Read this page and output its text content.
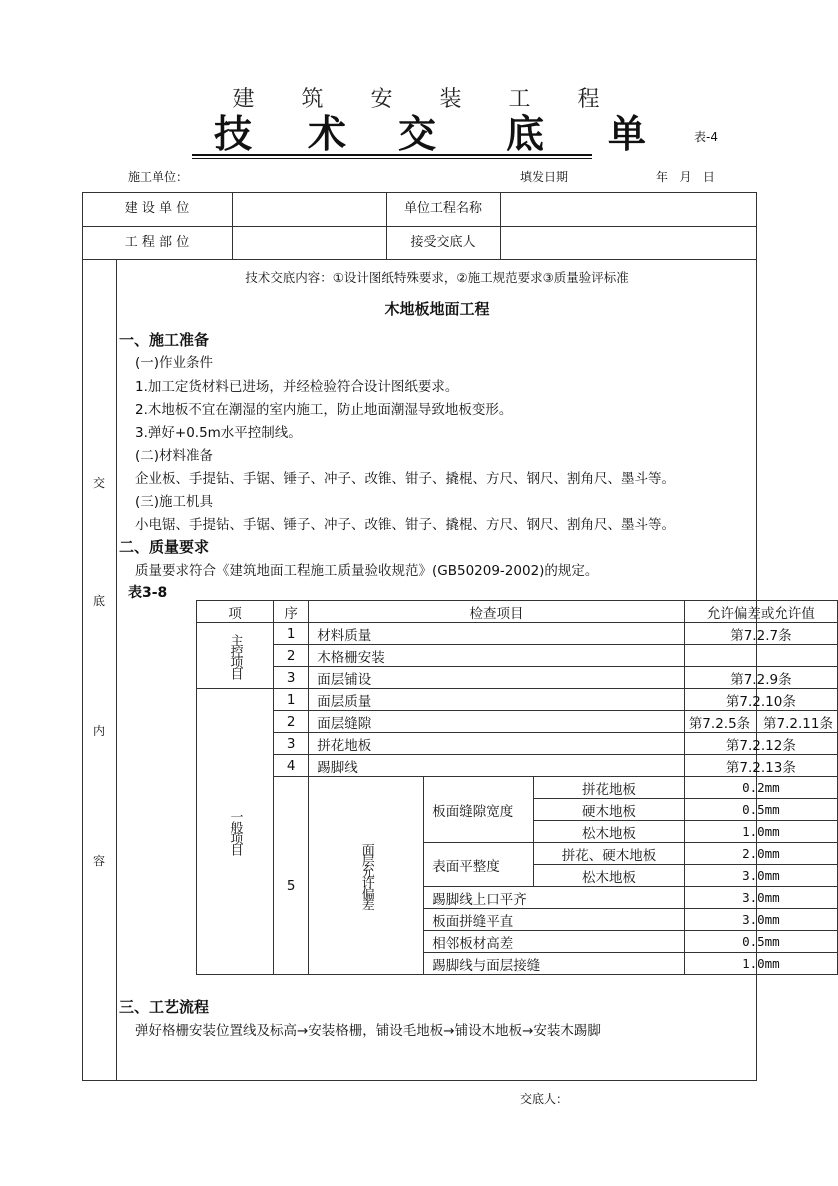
建 筑 安 装 工 程
技 术 交 底 单	表-4
施工单位：	填发日期	年   月   日
建 设 单 位	单位工程名称
工 程 部 位	接受交底人
交
底
内
容
技术交底内容：①设计图纸特殊要求，②施工规范要求③质量验评标准
木地板地面工程
一、施工准备
(一)作业条件
1.加工定货材料已进场，并经检验符合设计图纸要求。
2.木地板不宜在潮湿的室内施工，防止地面潮湿导致地板变形。
3.弹好+0.5m水平控制线。
(二)材料准备
企业板、手提钻、手锯、锤子、冲子、改锥、钳子、撬棍、方尺、钢尺、割角尺、墨斗等。
(三)施工机具
小电锯、手提钻、手锯、锤子、冲子、改锥、钳子、撬棍、方尺、钢尺、割角尺、墨斗等。
二、质量要求
质量要求符合《建筑地面工程施工质量验收规范》(GB50209-2002)的规定。
表3-8
项	序	检查项目			允许偏差或允许值
主控项目	1	材料质量			第7.2.7条
	2	木格栅安装			
	3	面层铺设			第7.2.9条
一般项目	1	面层质量			第7.2.10条
	2	面层缝隙			第7.2.5条   第7.2.11条
	3	拼花地板			第7.2.12条
	4	踢脚线			第7.2.13条
	5	面层允许偏差	板面缝隙宽度	拼花地板	0.2mm
				硬木地板	0.5mm
				松木地板	1.0mm
			表面平整度	拼花、硬木地板	2.0mm
				松木地板	3.0mm
			踢脚线上口平齐		3.0mm
			板面拼缝平直		3.0mm
			相邻板材高差		0.5mm
			踢脚线与面层接缝		1.0mm
三、工艺流程
弹好格栅安装位置线及标高→安装格栅，铺设毛地板→铺设木地板→安装木踢脚
交底人：
